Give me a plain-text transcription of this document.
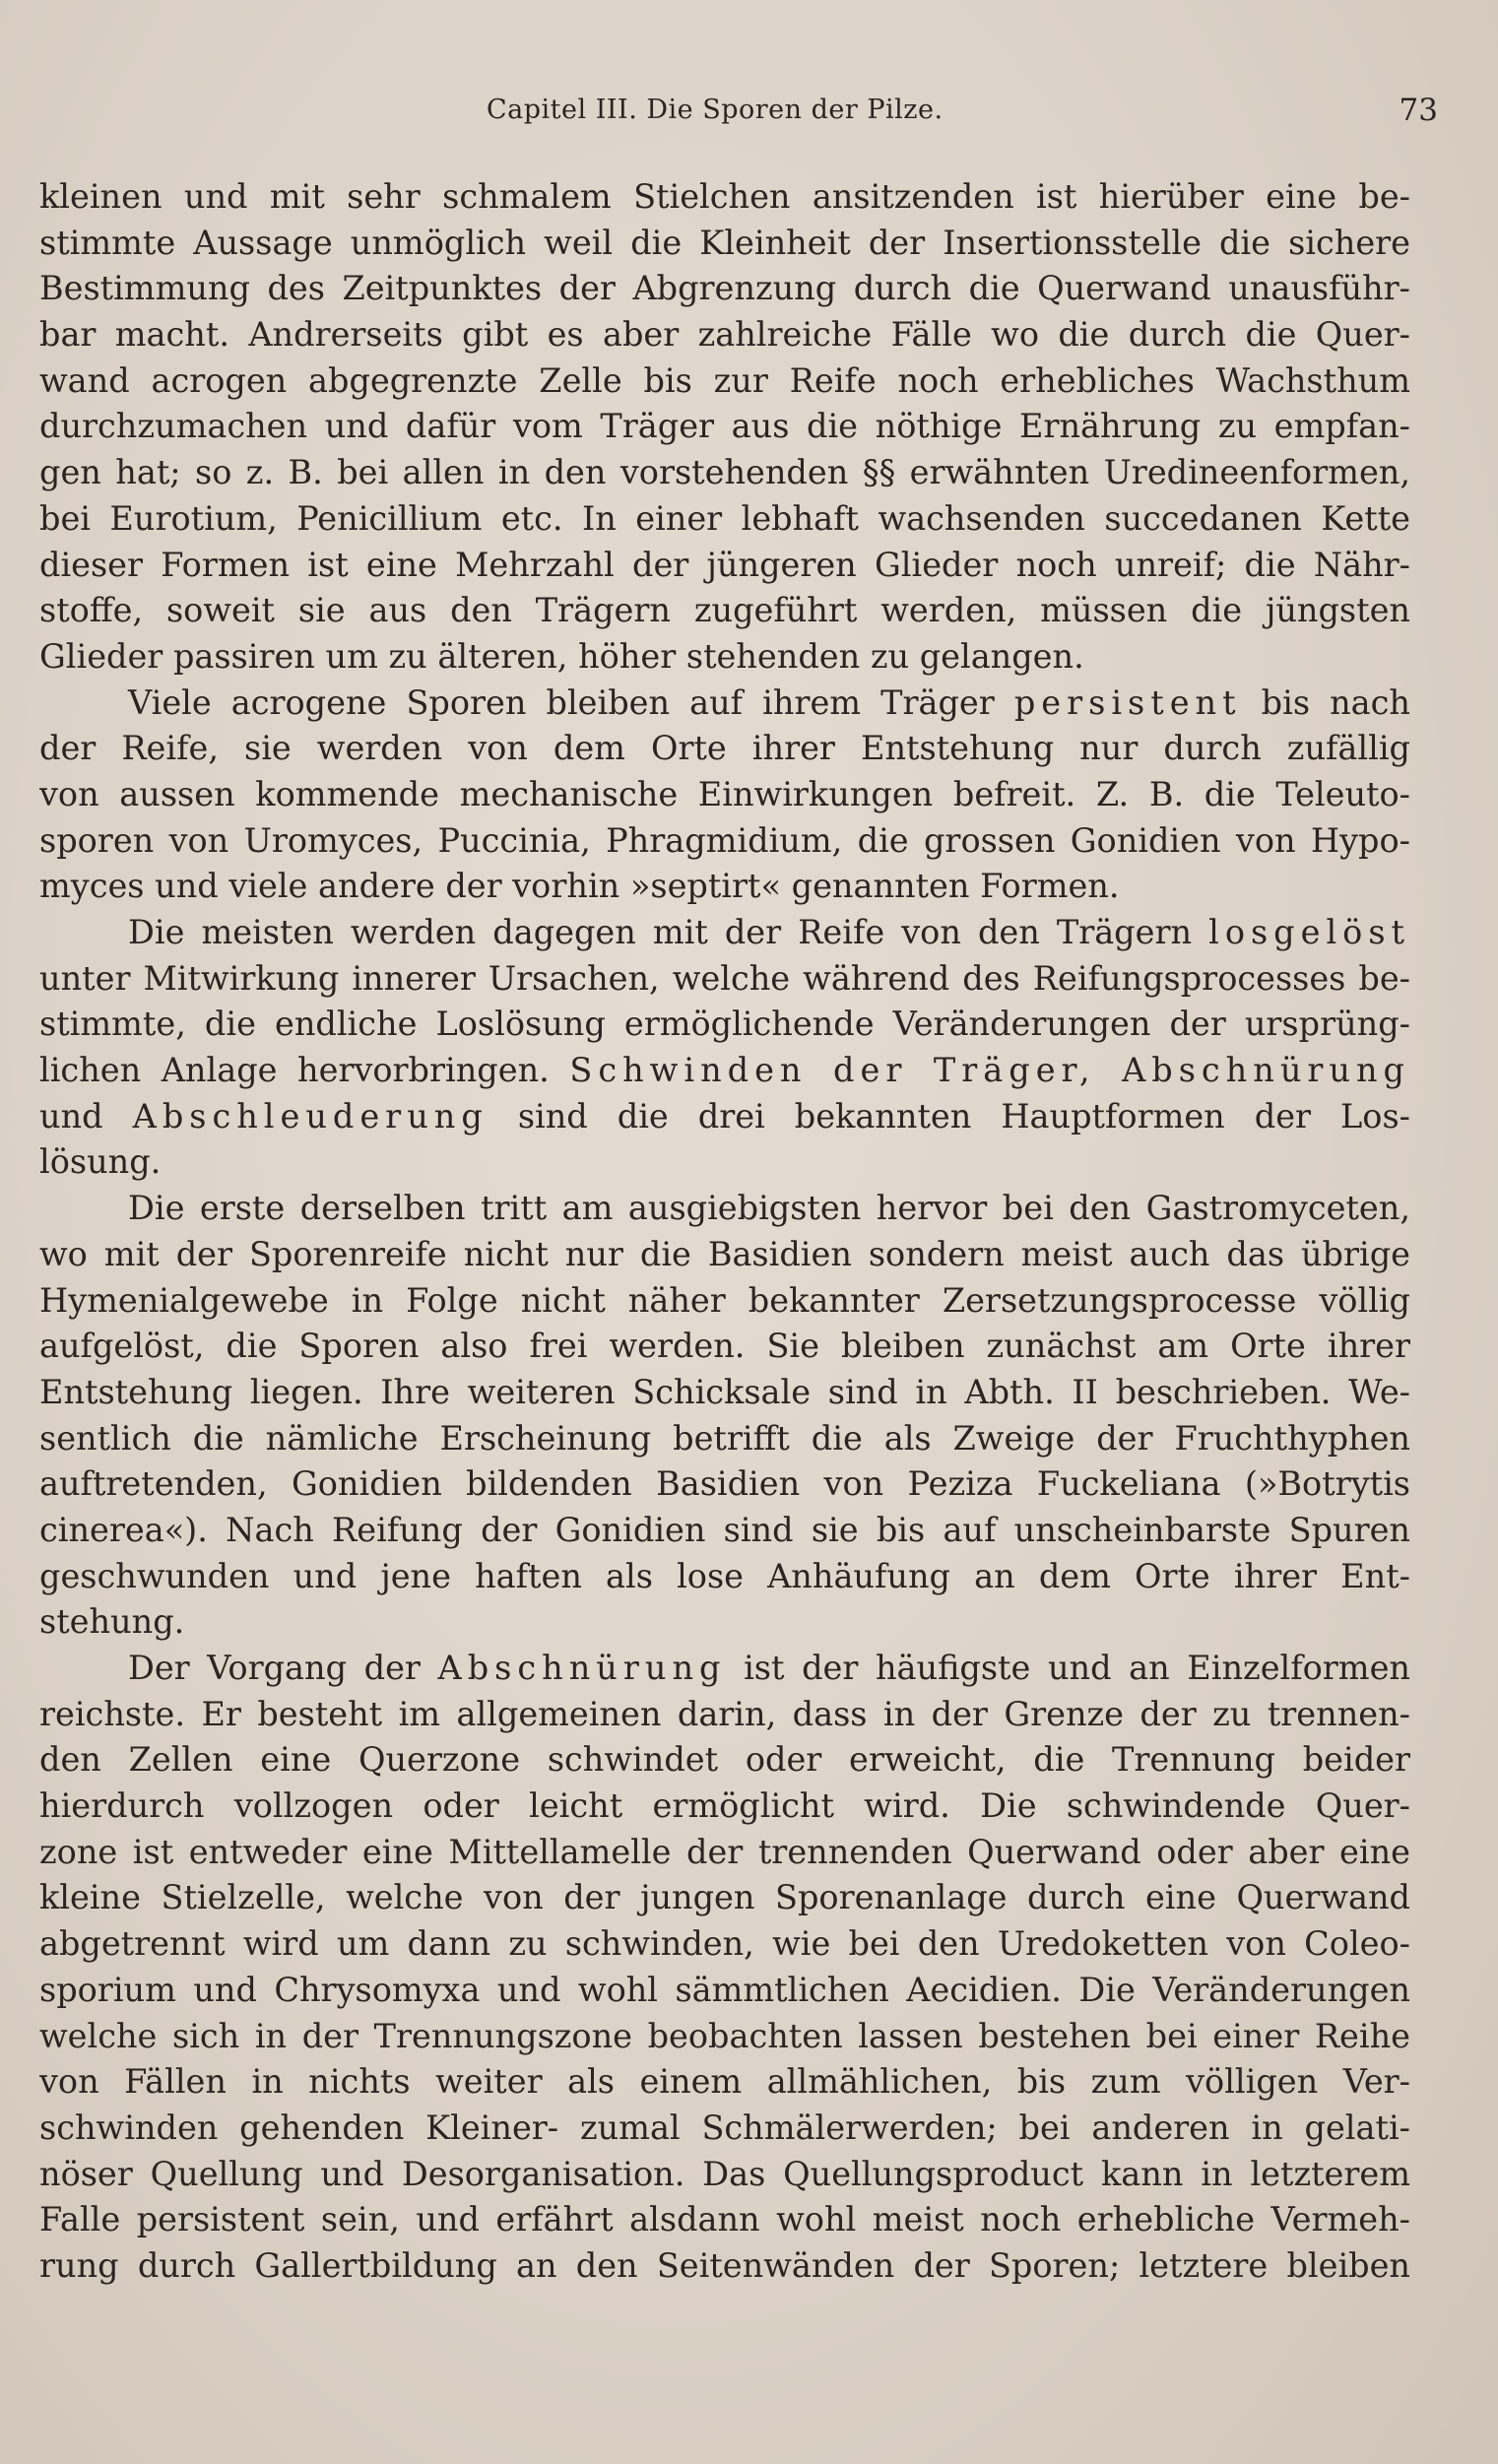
Capitel III. Die Sporen der Pilze.	73
kleinen und mit sehr schmalem Stielchen ansitzenden ist hierüber eine be-
stimmte Aussage unmöglich weil die Kleinheit der Insertionsstelle die sichere
Bestimmung des Zeitpunktes der Abgrenzung durch die Querwand unausführ-
bar macht. Andrerseits gibt es aber zahlreiche Fälle wo die durch die Quer-
wand acrogen abgegrenzte Zelle bis zur Reife noch erhebliches Wachsthum
durchzumachen und dafür vom Träger aus die nöthige Ernährung zu empfan-
gen hat; so z. B. bei allen in den vorstehenden §§ erwähnten Uredineenformen,
bei Eurotium, Penicillium etc. In einer lebhaft wachsenden succedanen Kette
dieser Formen ist eine Mehrzahl der jüngeren Glieder noch unreif; die Nähr-
stoffe, soweit sie aus den Trägern zugeführt werden, müssen die jüngsten
Glieder passiren um zu älteren, höher stehenden zu gelangen.
Viele acrogene Sporen bleiben auf ihrem Träger persistent bis nach
der Reife, sie werden von dem Orte ihrer Entstehung nur durch zufällig
von aussen kommende mechanische Einwirkungen befreit. Z. B. die Teleuto-
sporen von Uromyces, Puccinia, Phragmidium, die grossen Gonidien von Hypo-
myces und viele andere der vorhin »septirt« genannten Formen.
Die meisten werden dagegen mit der Reife von den Trägern losgelöst
unter Mitwirkung innerer Ursachen, welche während des Reifungsprocesses be-
stimmte, die endliche Loslösung ermöglichende Veränderungen der ursprüng-
lichen Anlage hervorbringen. Schwinden der Träger, Abschnürung
und Abschleuderung sind die drei bekannten Hauptformen der Los-
lösung.
Die erste derselben tritt am ausgiebigsten hervor bei den Gastromyceten,
wo mit der Sporenreife nicht nur die Basidien sondern meist auch das übrige
Hymenialgewebe in Folge nicht näher bekannter Zersetzungsprocesse völlig
aufgelöst, die Sporen also frei werden. Sie bleiben zunächst am Orte ihrer
Entstehung liegen. Ihre weiteren Schicksale sind in Abth. II beschrieben. We-
sentlich die nämliche Erscheinung betrifft die als Zweige der Fruchthyphen
auftretenden, Gonidien bildenden Basidien von Peziza Fuckeliana (»Botrytis
cinerea«). Nach Reifung der Gonidien sind sie bis auf unscheinbarste Spuren
geschwunden und jene haften als lose Anhäufung an dem Orte ihrer Ent-
stehung.
Der Vorgang der Abschnürung ist der häufigste und an Einzelformen
reichste. Er besteht im allgemeinen darin, dass in der Grenze der zu trennen-
den Zellen eine Querzone schwindet oder erweicht, die Trennung beider
hierdurch vollzogen oder leicht ermöglicht wird. Die schwindende Quer-
zone ist entweder eine Mittellamelle der trennenden Querwand oder aber eine
kleine Stielzelle, welche von der jungen Sporenanlage durch eine Querwand
abgetrennt wird um dann zu schwinden, wie bei den Uredoketten von Coleo-
sporium und Chrysomyxa und wohl sämmtlichen Aecidien. Die Veränderungen
welche sich in der Trennungszone beobachten lassen bestehen bei einer Reihe
von Fällen in nichts weiter als einem allmählichen, bis zum völligen Ver-
schwinden gehenden Kleiner- zumal Schmälerwerden; bei anderen in gelati-
nöser Quellung und Desorganisation. Das Quellungsproduct kann in letzterem
Falle persistent sein, und erfährt alsdann wohl meist noch erhebliche Vermeh-
rung durch Gallertbildung an den Seitenwänden der Sporen; letztere bleiben
